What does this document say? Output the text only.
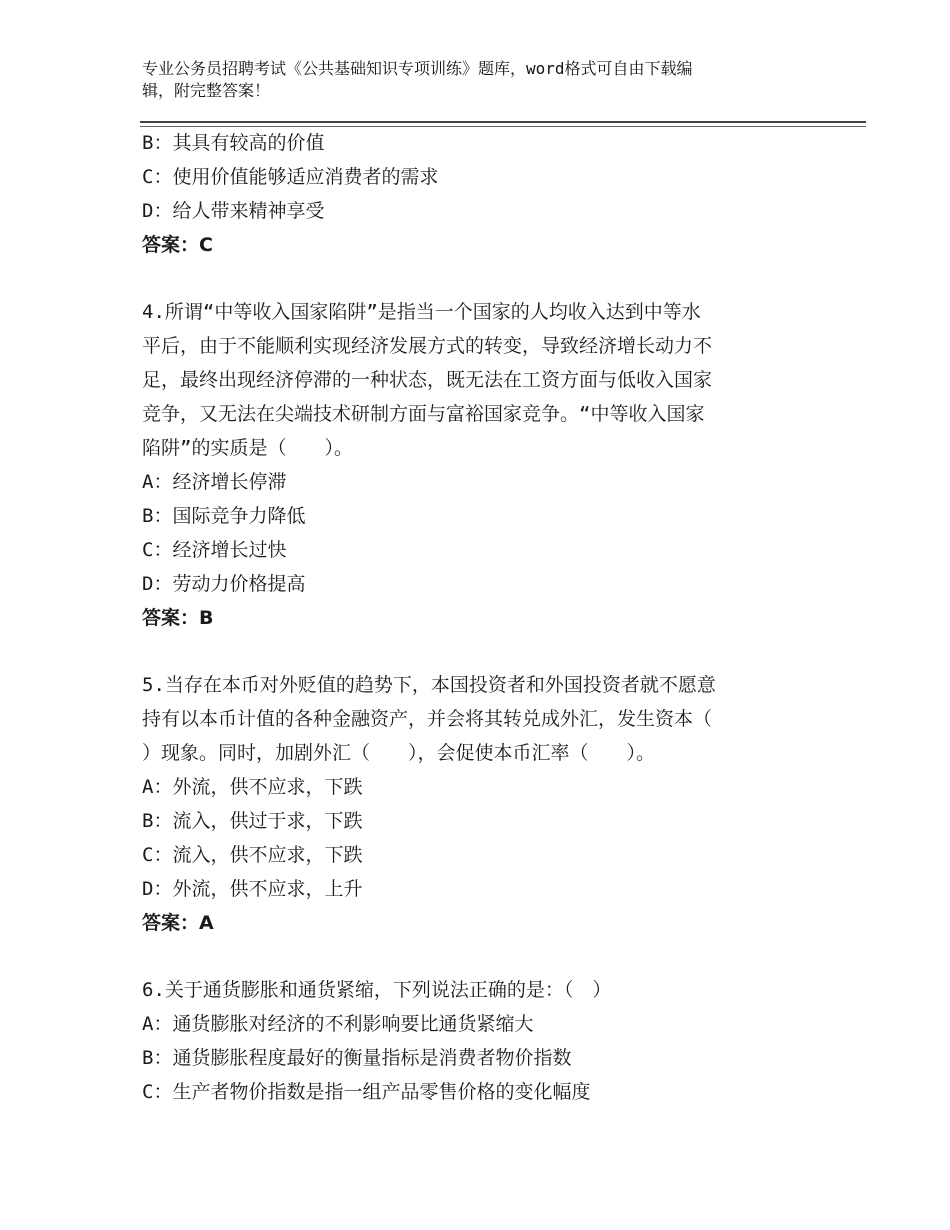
专业公务员招聘考试《公共基础知识专项训练》题库，word格式可自由下载编
辑，附完整答案！
B：其具有较高的价值
C：使用价值能够适应消费者的需求
D：给人带来精神享受
答案：C
4.所谓“中等收入国家陷阱”是指当一个国家的人均收入达到中等水
平后，由于不能顺利实现经济发展方式的转变，导致经济增长动力不
足，最终出现经济停滞的一种状态，既无法在工资方面与低收入国家
竞争，又无法在尖端技术研制方面与富裕国家竞争。“中等收入国家
陷阱”的实质是（　　）。
A：经济增长停滞
B：国际竞争力降低
C：经济增长过快
D：劳动力价格提高
答案：B
5.当存在本币对外贬值的趋势下，本国投资者和外国投资者就不愿意
持有以本币计值的各种金融资产，并会将其转兑成外汇，发生资本（
）现象。同时，加剧外汇（　　），会促使本币汇率（　　）。
A：外流，供不应求，下跌
B：流入，供过于求，下跌
C：流入，供不应求，下跌
D：外流，供不应求，上升
答案：A
6.关于通货膨胀和通货紧缩，下列说法正确的是：（　）
A：通货膨胀对经济的不利影响要比通货紧缩大
B：通货膨胀程度最好的衡量指标是消费者物价指数
C：生产者物价指数是指一组产品零售价格的变化幅度
